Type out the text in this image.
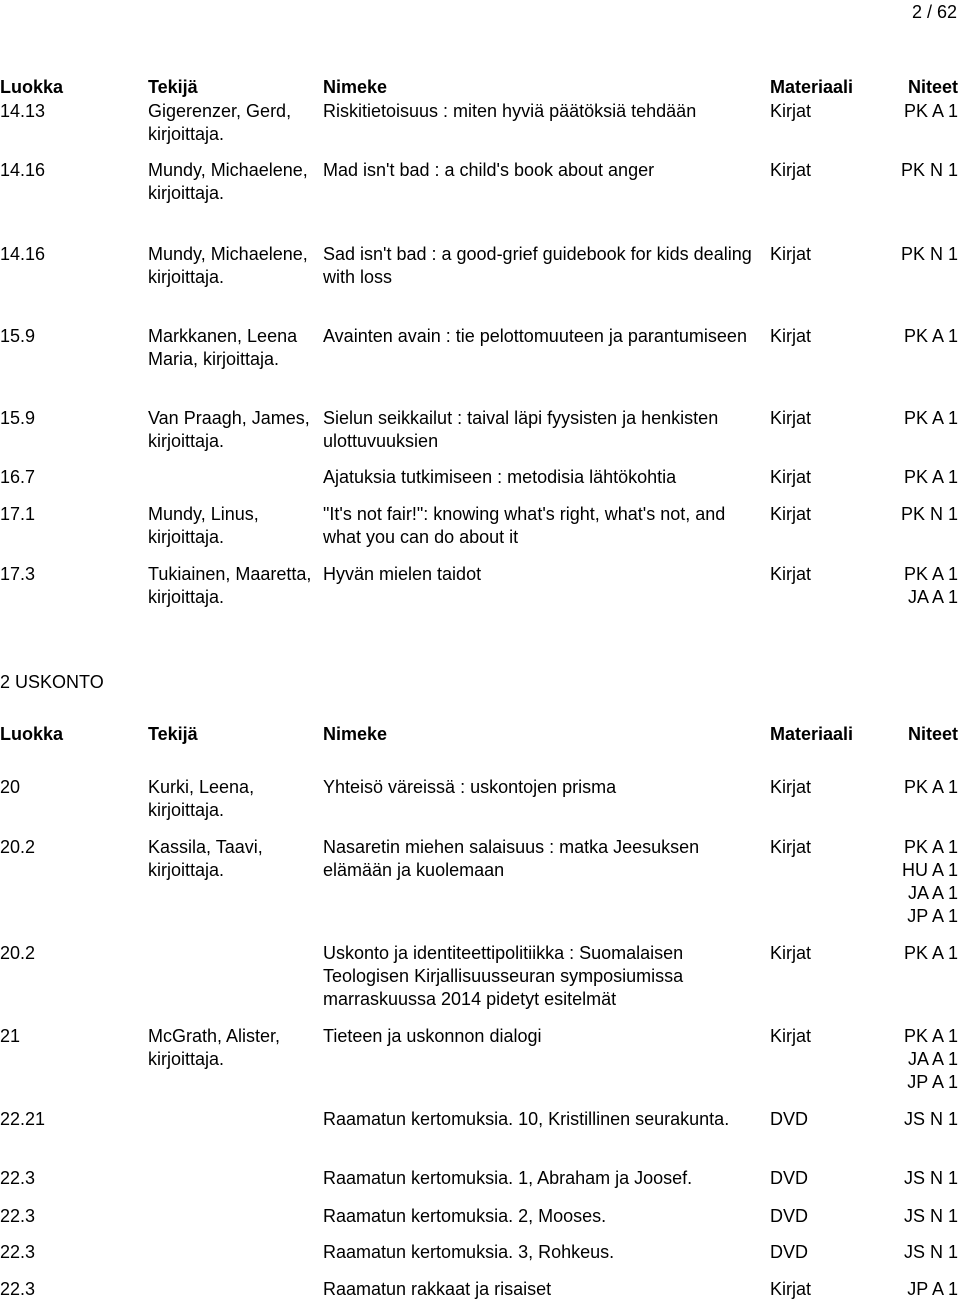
2 / 62
Luokka	Tekijä	Nimeke	Materiaali	Niteet
14.13	Gigerenzer, Gerd, kirjoittaja.	Riskitietoisuus : miten hyviä päätöksiä tehdään	Kirjat	PK A 1

14.16	Mundy, Michaelene, kirjoittaja.	Mad isn't bad : a child's book about anger	Kirjat	PK N 1

14.16	Mundy, Michaelene, kirjoittaja.	Sad isn't bad : a good-grief guidebook for kids dealing with loss	Kirjat	PK N 1

15.9	Markkanen, Leena Maria, kirjoittaja.	Avainten avain : tie pelottomuuteen ja parantumiseen	Kirjat	PK A 1

15.9	Van Praagh, James, kirjoittaja.	Sielun seikkailut : taival läpi fyysisten ja henkisten ulottuvuuksien	Kirjat	PK A 1

16.7		Ajatuksia tutkimiseen : metodisia lähtökohtia	Kirjat	PK A 1

17.1	Mundy, Linus, kirjoittaja.	"It's not fair!": knowing what's right, what's not, and what you can do about it	Kirjat	PK N 1

17.3	Tukiainen, Maaretta, kirjoittaja.	Hyvän mielen taidot	Kirjat	PK A 1
JA A 1
2 USKONTO
Luokka	Tekijä	Nimeke	Materiaali	Niteet
20	Kurki, Leena, kirjoittaja.	Yhteisö väreissä : uskontojen prisma	Kirjat	PK A 1

20.2	Kassila, Taavi, kirjoittaja.	Nasaretin miehen salaisuus : matka Jeesuksen elämään ja kuolemaan	Kirjat	PK A 1
HU A 1
JA A 1
JP A 1

20.2		Uskonto ja identiteettipolitiikka : Suomalaisen Teologisen Kirjallisuusseuran symposiumissa marraskuussa 2014 pidetyt esitelmät	Kirjat	PK A 1

21	McGrath, Alister, kirjoittaja.	Tieteen ja uskonnon dialogi	Kirjat	PK A 1
JA A 1
JP A 1

22.21		Raamatun kertomuksia. 10, Kristillinen seurakunta.	DVD	JS N 1

22.3		Raamatun kertomuksia. 1, Abraham ja Joosef.	DVD	JS N 1

22.3		Raamatun kertomuksia. 2, Mooses.	DVD	JS N 1

22.3		Raamatun kertomuksia. 3, Rohkeus.	DVD	JS N 1

22.3		Raamatun rakkaat ja risaiset	Kirjat	JP A 1
